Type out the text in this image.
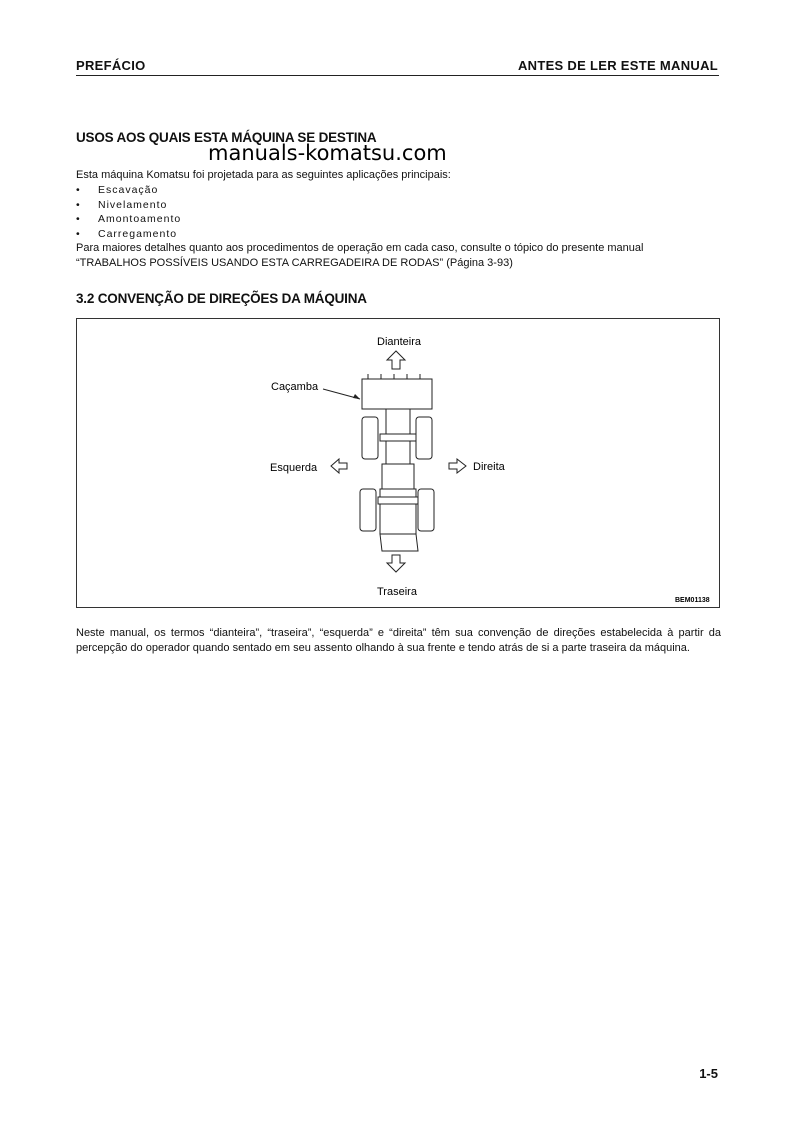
PREFÁCIO	ANTES DE LER ESTE MANUAL
USOS AOS QUAIS ESTA MÁQUINA SE DESTINA
manuals-komatsu.com
Esta máquina Komatsu foi projetada para as seguintes aplicações principais:
• Escavação
• Nivelamento
• Amontoamento
• Carregamento
Para maiores detalhes quanto aos procedimentos de operação em cada caso, consulte o tópico do presente manual
“TRABALHOS POSSÍVEIS USANDO ESTA CARREGADEIRA DE RODAS” (Página 3-93)
3.2 CONVENÇÃO DE DIREÇÕES DA MÁQUINA
Dianteira
Caçamba
Esquerda	Direita
Traseira
BEM01138
Neste manual, os termos “dianteira”, “traseira”, “esquerda” e “direita” têm sua convenção de direções estabelecida à partir da percepção do operador quando sentado em seu assento olhando à sua frente e tendo atrás de si a parte traseira da máquina.
1-5
